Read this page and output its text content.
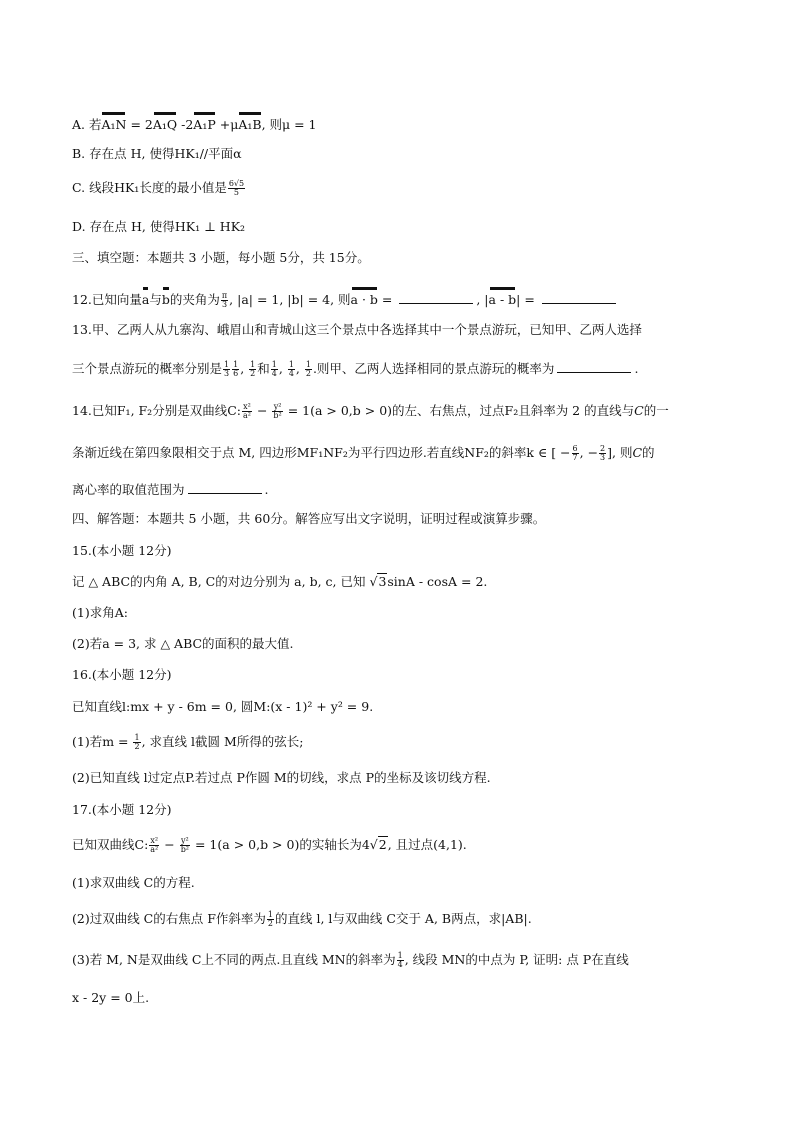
A. 若A₁N = 2A₁Q -2A₁P +μA₁B, 则μ = 1
B. 存在点 H, 使得HK₁//平面α
C. 线段HK₁长度的最小值是 $\frac{6√5}{5}$
D. 存在点 H, 使得HK₁ ⊥ HK₂
三、填空题：本题共 3 小题，每小题 5分，共 15分。
12.已知向量a与b的夹角为 $\frac{\pi}{3}$ , |a| = 1, |b| = 4, 则a · b =	, |a - b| =
13.甲、乙两人从九寨沟、峨眉山和青城山这三个景点中各选择其中一个景点游玩，已知甲、乙两人选择
三个景点游玩的概率分别是 $\frac{1}{3} \frac{1}{6}$ , $\frac{1}{2}$ 和 $\frac{1}{4}$ , $\frac{1}{4}$ , $\frac{1}{2}$ .则甲、乙两人选择相同的景点游玩的概率为	.
14.已知F₁, F₂分别是双曲线C: $\frac{\text{x²}}{\text{a²}} - \frac{\text{y²}}{\text{b²}} = 1(a > 0,b > 0)$的左、右焦点，过点F₂且斜率为 2 的直线与C的一
条渐近线在第四象限相交于点 M, 四边形MF₁NF₂为平行四边形.若直线NF₂的斜率k ∈ [ − $\frac{6}{7}$ , − $\frac{2}{3}$ ], 则C的
离心率的取值范围为	.
四、解答题：本题共 5 小题，共 60分。解答应写出文字说明，证明过程或演算步骤。
15.(本小题 12分)
记 △ ABC的内角 A, B, C的对边分别为 a, b, c, 已知 √3sinA - cosA = 2.
(1)求角A:
(2)若a = 3, 求 △ ABC的面积的最大值.
16.(本小题 12分)
已知直线l:mx + y - 6m = 0, 圆M:(x - 1)² + y² = 9.
(1)若$m = \frac{1}{2}$ , 求直线 l截圆 M所得的弦长;
(2)已知直线 l过定点P.若过点 P作圆 M的切线，求点 P的坐标及该切线方程.
17.(本小题 12分)
已知双曲线C: $\frac{\text{x²}}{\text{a²}} - \frac{\text{y²}}{\text{b²}} = 1(a > 0,b > 0)$的实轴长为4√2, 且过点(4,1).
(1)求双曲线 C的方程.
(2)过双曲线 C的右焦点 F作斜率为 $\frac{1}{2}$ 的直线 l, l与双曲线 C交于 A, B两点，求|AB|.
(3)若 M, N是双曲线 C上不同的两点.且直线 MN的斜率为 $\frac{1}{4}$ , 线段 MN的中点为 P, 证明: 点 P在直线
x - 2y = 0上.
